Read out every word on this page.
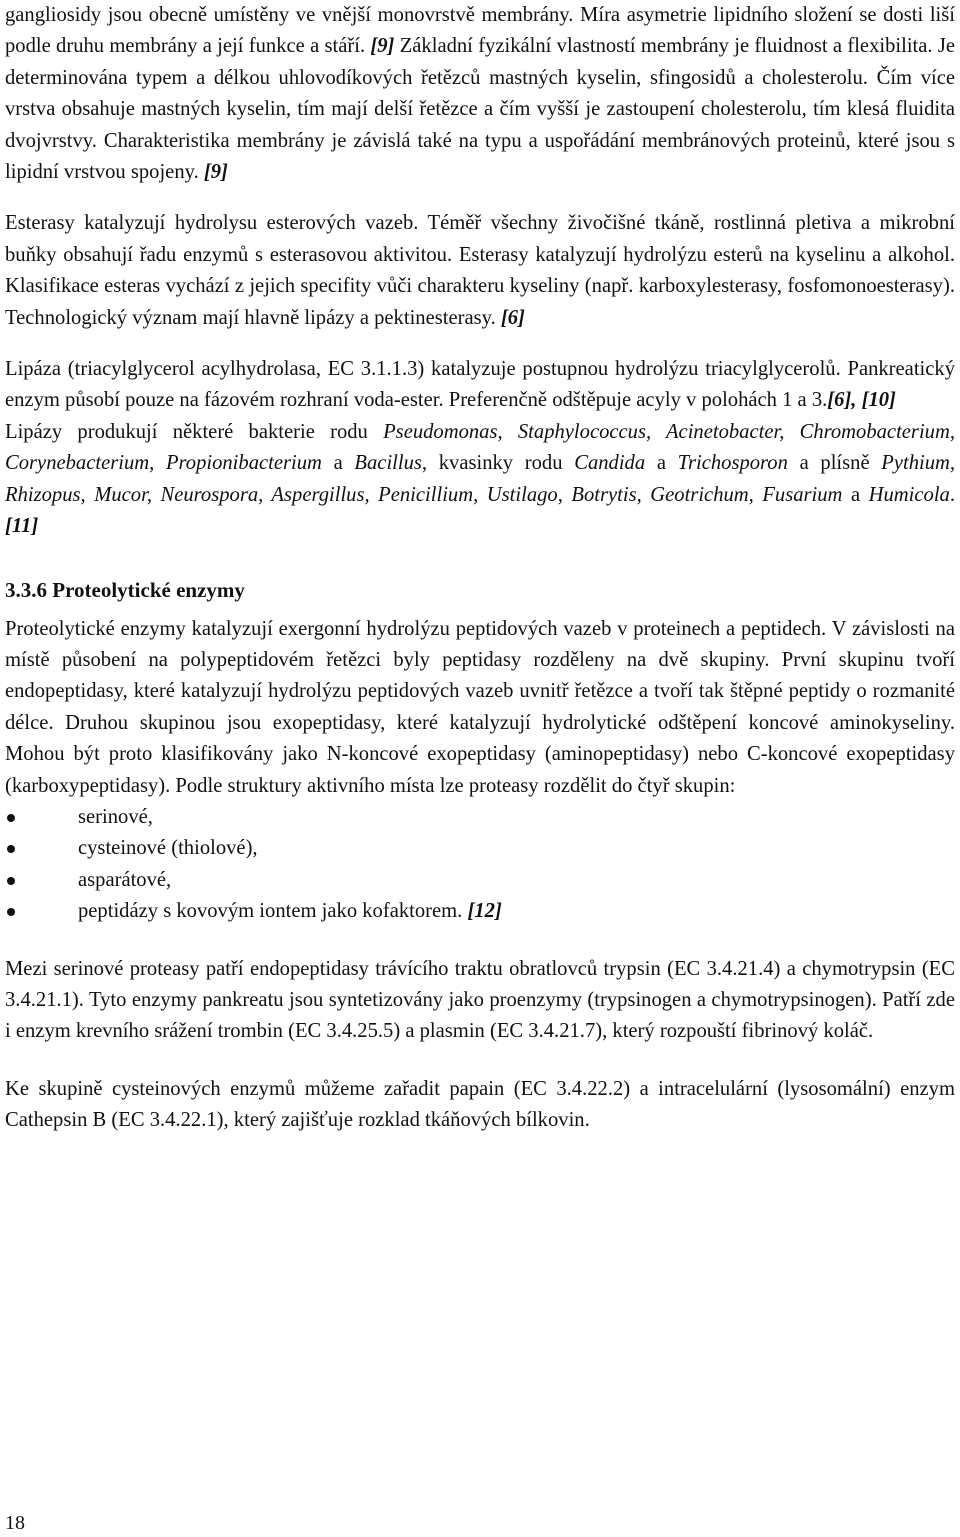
gangliosidy jsou obecně umístěny ve vnější monovrstvě membrány. Míra asymetrie lipidního složení se dosti liší podle druhu membrány a její funkce a stáří. [9] Základní fyzikální vlastností membrány je fluidnost a flexibilita. Je determinována typem a délkou uhlovodíkových řetězců mastných kyselin, sfingosidů a cholesterolu. Čím více vrstva obsahuje mastných kyselin, tím mají delší řetězce a čím vyšší je zastoupení cholesterolu, tím klesá fluidita dvojvrstvy. Charakteristika membrány je závislá také na typu a uspořádání membránových proteinů, které jsou s lipidní vrstvou spojeny. [9]

Esterasy katalyzují hydrolysu esterových vazeb. Téměř všechny živočišné tkáně, rostlinná pletiva a mikrobní buňky obsahují řadu enzymů s esterasovou aktivitou. Esterasy katalyzují hydrolýzu esterů na kyselinu a alkohol. Klasifikace esteras vychází z jejich specifity vůči charakteru kyseliny (např. karboxylesterasy, fosfomonoesterasy). Technologický význam mají hlavně lipázy a pektinesterasy. [6]

Lipáza (triacylglycerol acylhydrolasa, EC 3.1.1.3) katalyzuje postupnou hydrolýzu triacylglycerolů. Pankreatický enzym působí pouze na fázovém rozhraní voda-ester. Preferenčně odštěpuje acyly v polohách 1 a 3.[6], [10]

Lipázy produkují některé bakterie rodu Pseudomonas, Staphylococcus, Acinetobacter, Chromobacterium, Corynebacterium, Propionibacterium a Bacillus, kvasinky rodu Candida a Trichosporon a plísně Pythium, Rhizopus, Mucor, Neurospora, Aspergillus, Penicillium, Ustilago, Botrytis, Geotrichum, Fusarium a Humicola. [11]

3.3.6 Proteolytické enzymy

Proteolytické enzymy katalyzují exergonní hydrolýzu peptidových vazeb v proteinech a peptidech. V závislosti na místě působení na polypeptidovém řetězci byly peptidasy rozděleny na dvě skupiny. První skupinu tvoří endopeptidasy, které katalyzují hydrolýzu peptidových vazeb uvnitř řetězce a tvoří tak štěpné peptidy o rozmanité délce. Druhou skupinou jsou exopeptidasy, které katalyzují hydrolytické odštěpení koncové aminokyseliny. Mohou být proto klasifikovány jako N-koncové exopeptidasy (aminopeptidasy) nebo C-koncové exopeptidasy (karboxypeptidasy). Podle struktury aktivního místa lze proteasy rozdělit do čtyř skupin:

serinové,
cysteinové (thiolové),
asparátové,
peptidázy s kovovým iontem jako kofaktorem. [12]

Mezi serinové proteasy patří endopeptidasy trávícího traktu obratlovců trypsin (EC 3.4.21.4) a chymotrypsin (EC 3.4.21.1). Tyto enzymy pankreatu jsou syntetizovány jako proenzymy (trypsinogen a chymotrypsinogen). Patří zde i enzym krevního srážení trombin (EC 3.4.25.5) a plasmin (EC 3.4.21.7), který rozpouští fibrinový koláč.

Ke skupině cysteinových enzymů můžeme zařadit papain (EC 3.4.22.2) a intracelulární (lysosomální) enzym Cathepsin B (EC 3.4.22.1), který zajišťuje rozklad tkáňových bílkovin.

18
